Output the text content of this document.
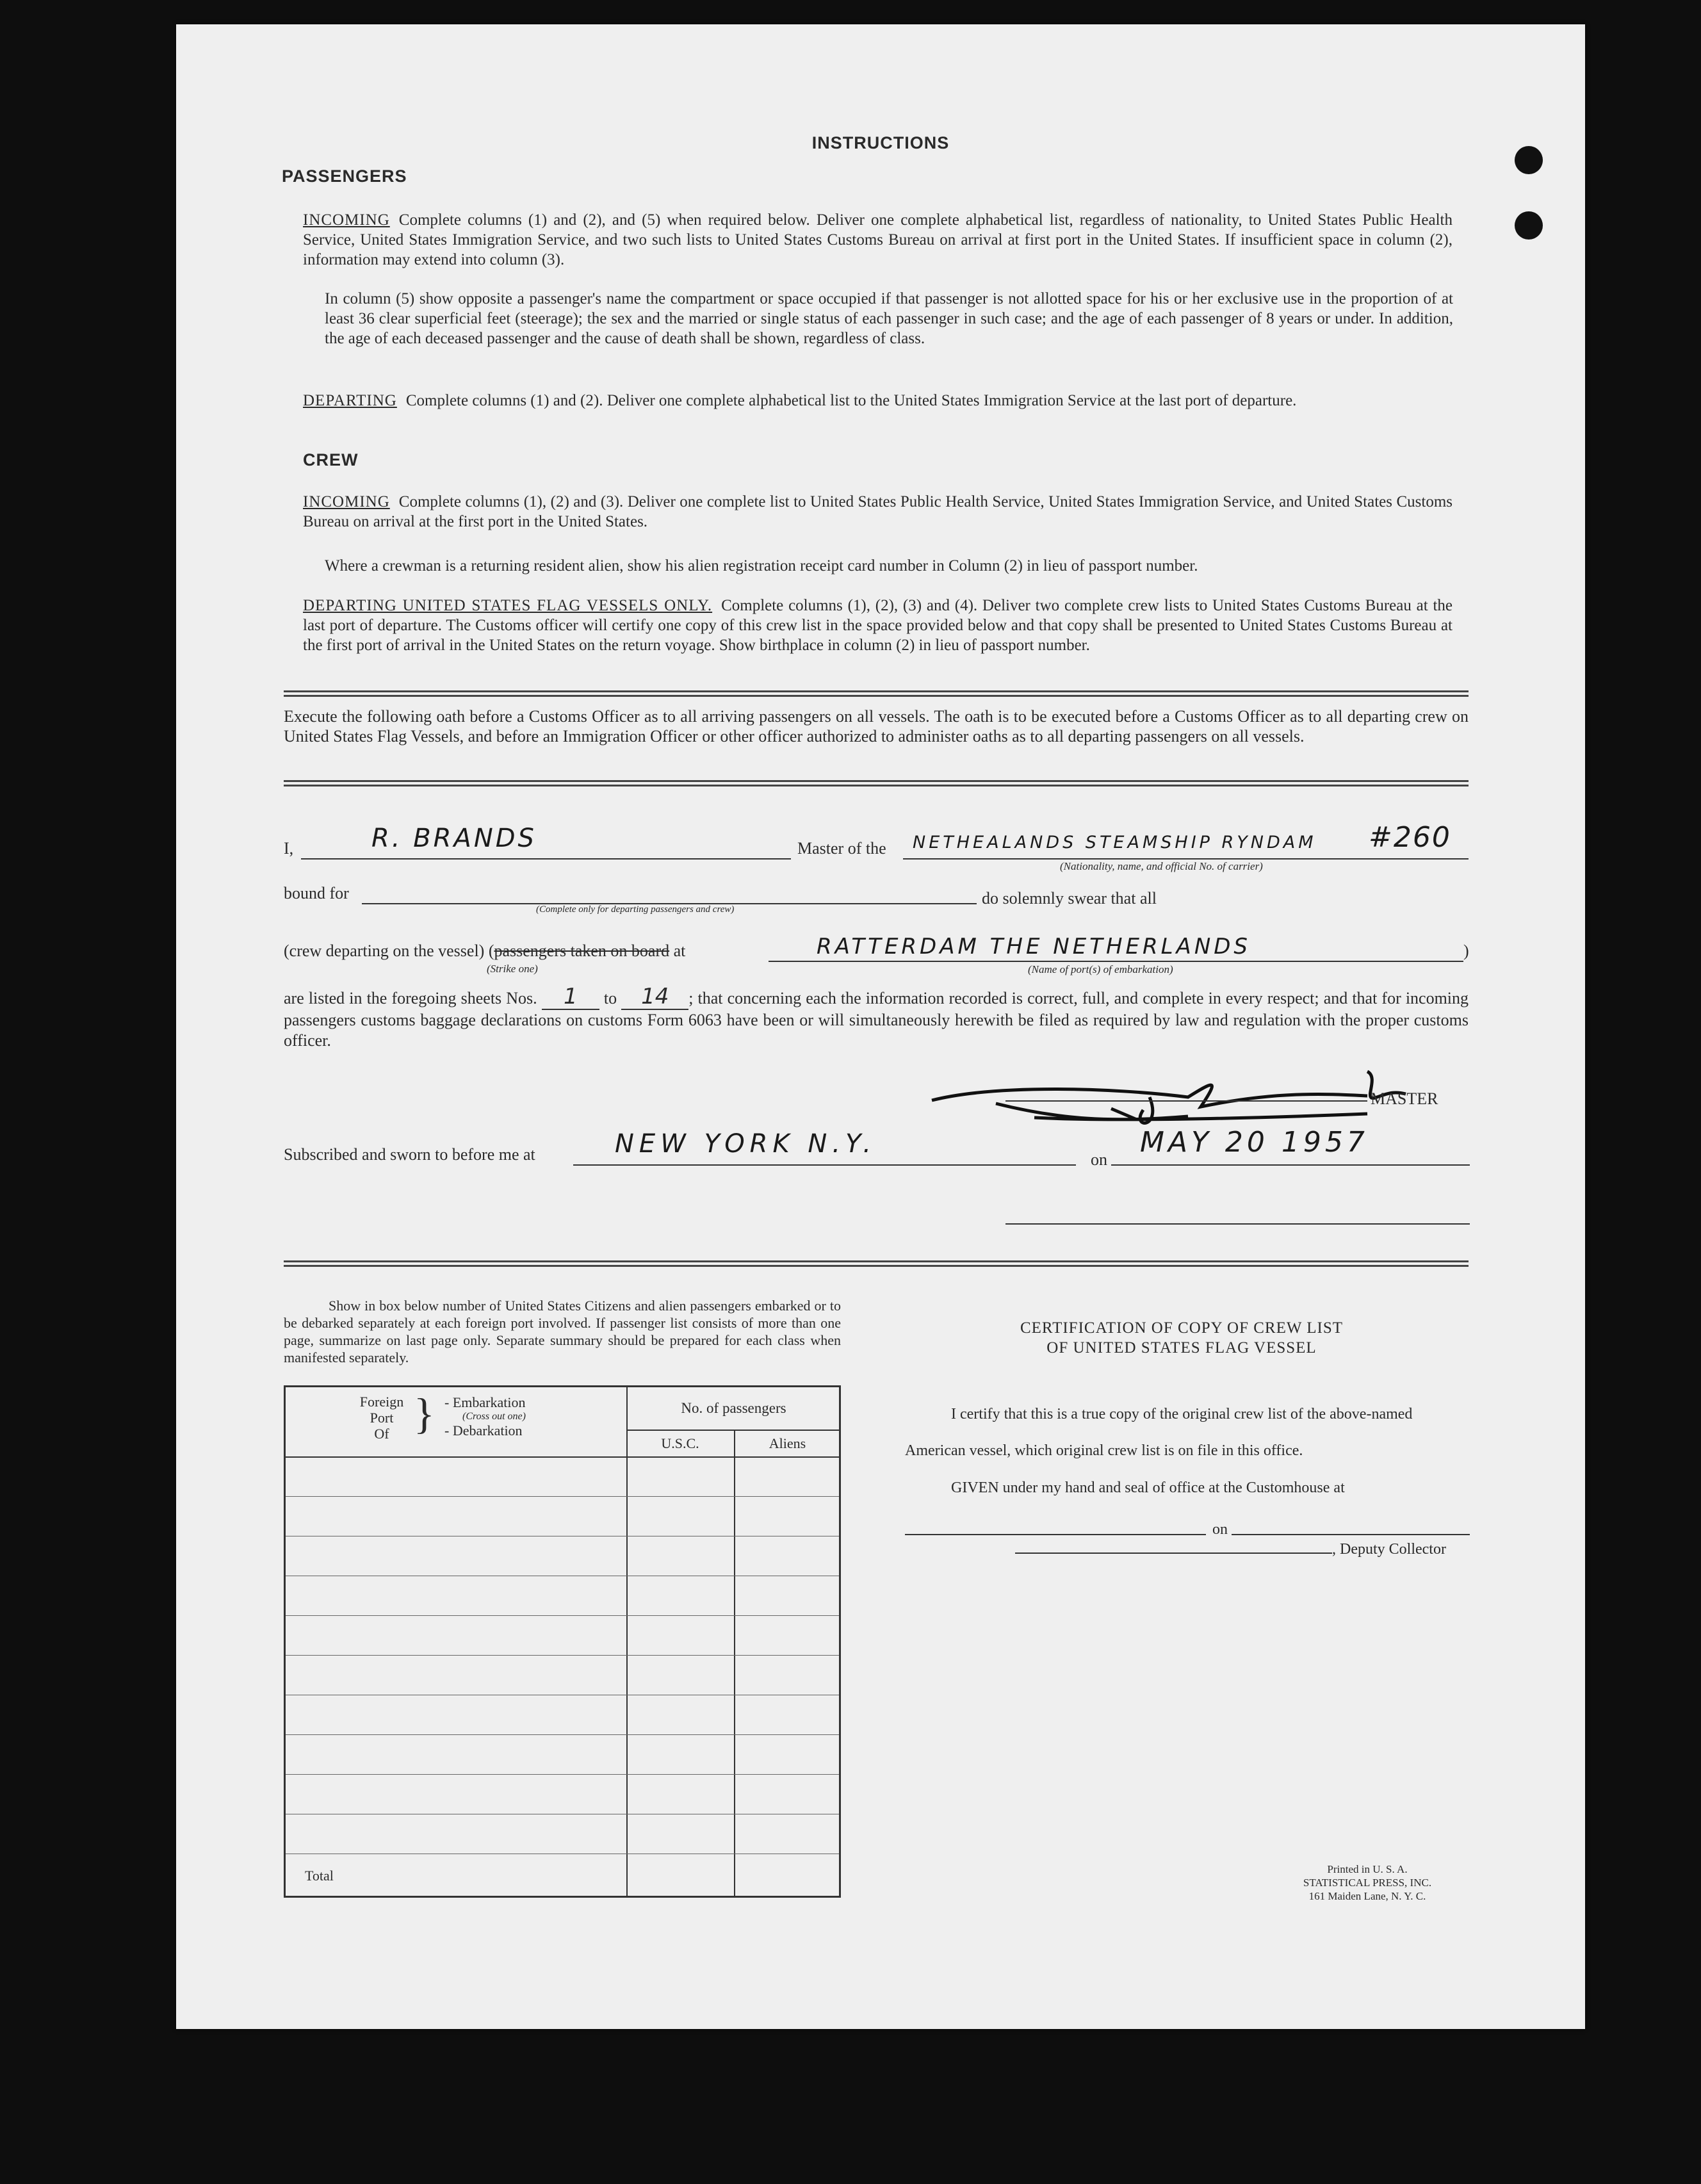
INSTRUCTIONS
PASSENGERS
INCOMING Complete columns (1) and (2), and (5) when required below. Deliver one complete alphabetical list, regardless of nationality, to United States Public Health Service, United States Immigration Service, and two such lists to United States Customs Bureau on arrival at first port in the United States. If insufficient space in column (2), information may extend into column (3).
In column (5) show opposite a passenger's name the compartment or space occupied if that passenger is not allotted space for his or her exclusive use in the proportion of at least 36 clear superficial feet (steerage); the sex and the married or single status of each passenger in such case; and the age of each passenger of 8 years or under. In addition, the age of each deceased passenger and the cause of death shall be shown, regardless of class.
DEPARTING Complete columns (1) and (2). Deliver one complete alphabetical list to the United States Immigration Service at the last port of departure.
CREW
INCOMING Complete columns (1), (2) and (3). Deliver one complete list to United States Public Health Service, United States Immigration Service, and United States Customs Bureau on arrival at the first port in the United States.
Where a crewman is a returning resident alien, show his alien registration receipt card number in Column (2) in lieu of passport number.
DEPARTING UNITED STATES FLAG VESSELS ONLY. Complete columns (1), (2), (3) and (4). Deliver two complete crew lists to United States Customs Bureau at the last port of departure. The Customs officer will certify one copy of this crew list in the space provided below and that copy shall be presented to United States Customs Bureau at the first port of arrival in the United States on the return voyage. Show birthplace in column (2) in lieu of passport number.
Execute the following oath before a Customs Officer as to all arriving passengers on all vessels. The oath is to be executed before a Customs Officer as to all departing crew on United States Flag Vessels, and before an Immigration Officer or other officer authorized to administer oaths as to all departing passengers on all vessels.
I,	R. BRANDS	Master of the NETHEALANDS STEAMSHIP RYNDAM #260
(Nationality, name, and official No. of carrier)
bound for
(Complete only for departing passengers and crew)
do solemnly swear that all
(crew departing on the vessel) (passengers taken on board at
(Strike one)
RATTERDAM THE NETHERLANDS	)
(Name of port(s) of embarkation)
are listed in the foregoing sheets Nos. 1 to 14 ; that concerning each the information recorded is correct, full, and complete in every respect; and that for incoming passengers customs baggage declarations on customs Form 6063 have been or will simultaneously herewith be filed as required by law and regulation with the proper customs officer.
MASTER
Subscribed and sworn to before me at	NEW YORK N.Y.
on
MAY 20 1957
Show in box below number of United States Citizens and alien passengers embarked or to be debarked separately at each foreign port involved. If passenger list consists of more than one page, summarize on last page only. Separate summary should be prepared for each class when manifested separately.
Foreign
Port
Of } - Embarkation
(Cross out one)
- Debarkation
No. of passengers
U.S.C.	Aliens
Total
CERTIFICATION OF COPY OF CREW LIST
OF UNITED STATES FLAG VESSEL
I certify that this is a true copy of the original crew list of the above-named
American vessel, which original crew list is on file in this office.
GIVEN under my hand and seal of office at the Customhouse at
on
, Deputy Collector
Printed in U. S. A.
STATISTICAL PRESS, INC.
161 Maiden Lane, N. Y. C.
